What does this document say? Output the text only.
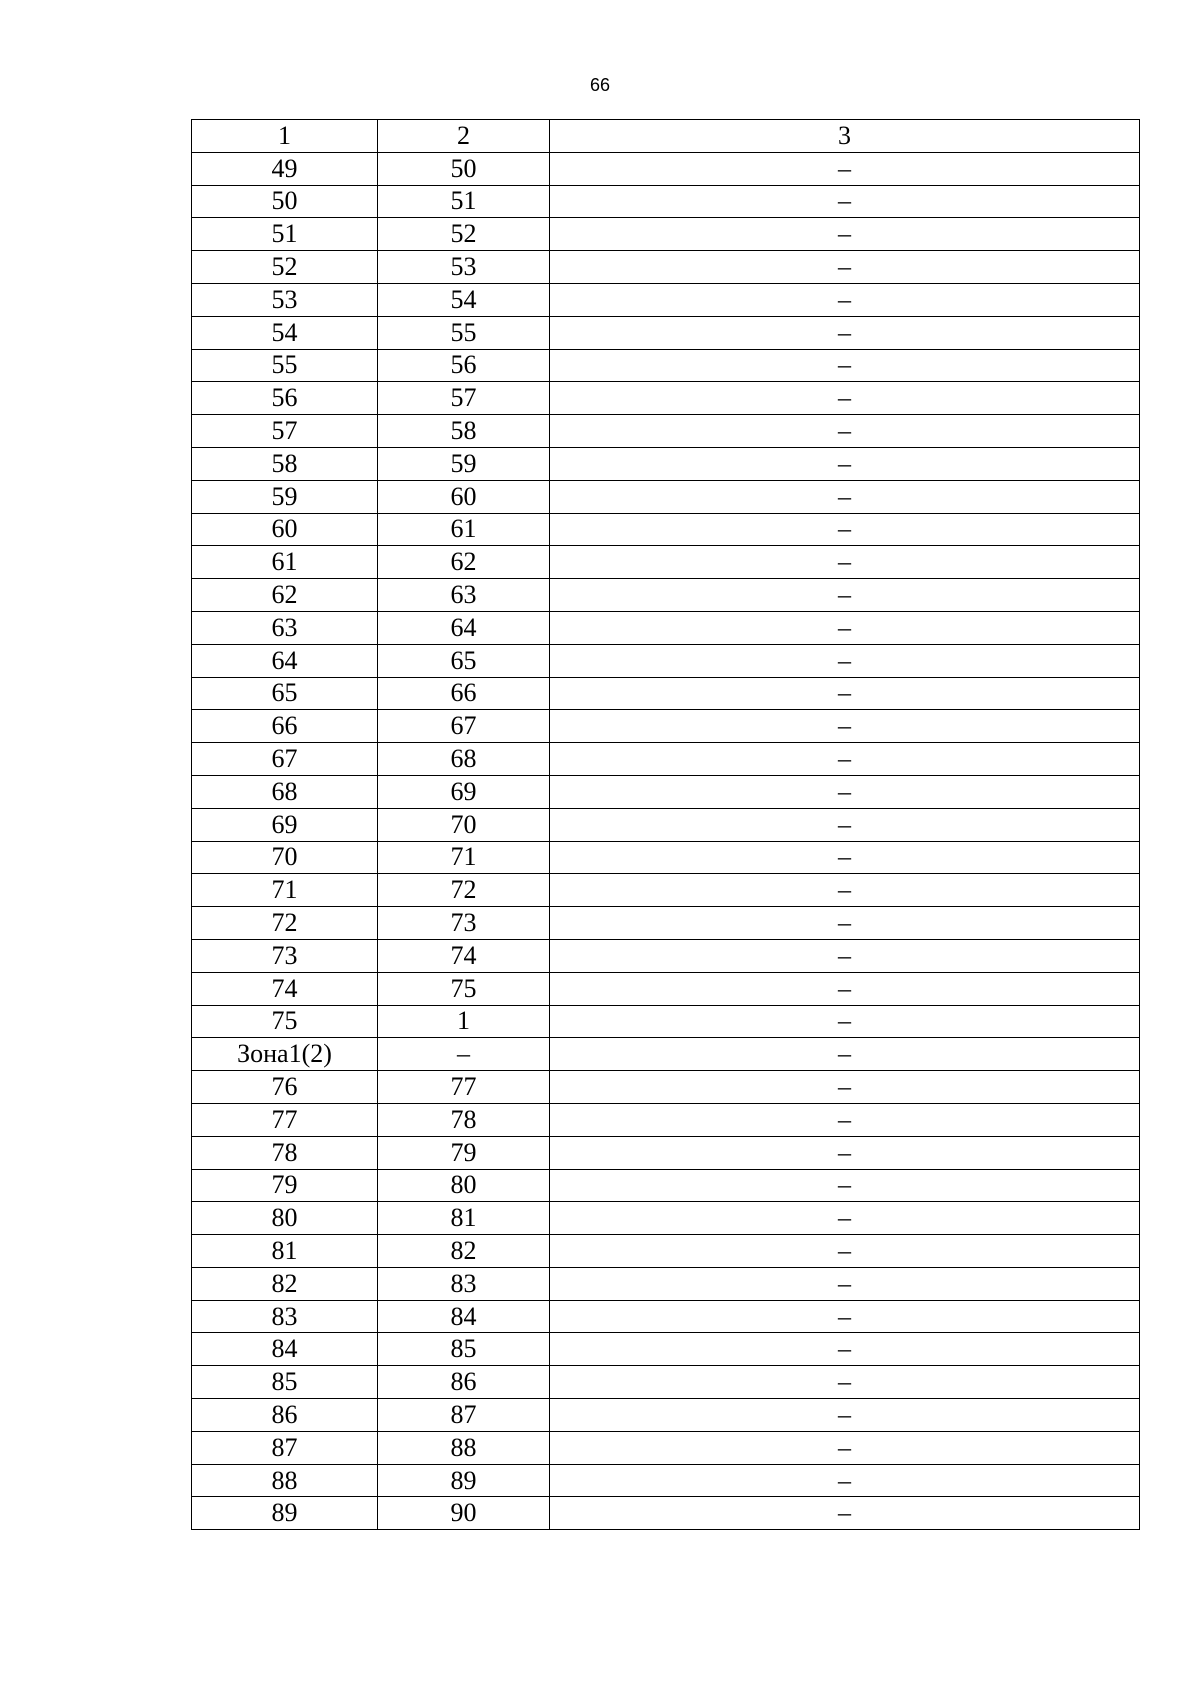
66
1	2	3
49	50	–
50	51	–
51	52	–
52	53	–
53	54	–
54	55	–
55	56	–
56	57	–
57	58	–
58	59	–
59	60	–
60	61	–
61	62	–
62	63	–
63	64	–
64	65	–
65	66	–
66	67	–
67	68	–
68	69	–
69	70	–
70	71	–
71	72	–
72	73	–
73	74	–
74	75	–
75	1	–
Зона1(2)	–	–
76	77	–
77	78	–
78	79	–
79	80	–
80	81	–
81	82	–
82	83	–
83	84	–
84	85	–
85	86	–
86	87	–
87	88	–
88	89	–
89	90	–
